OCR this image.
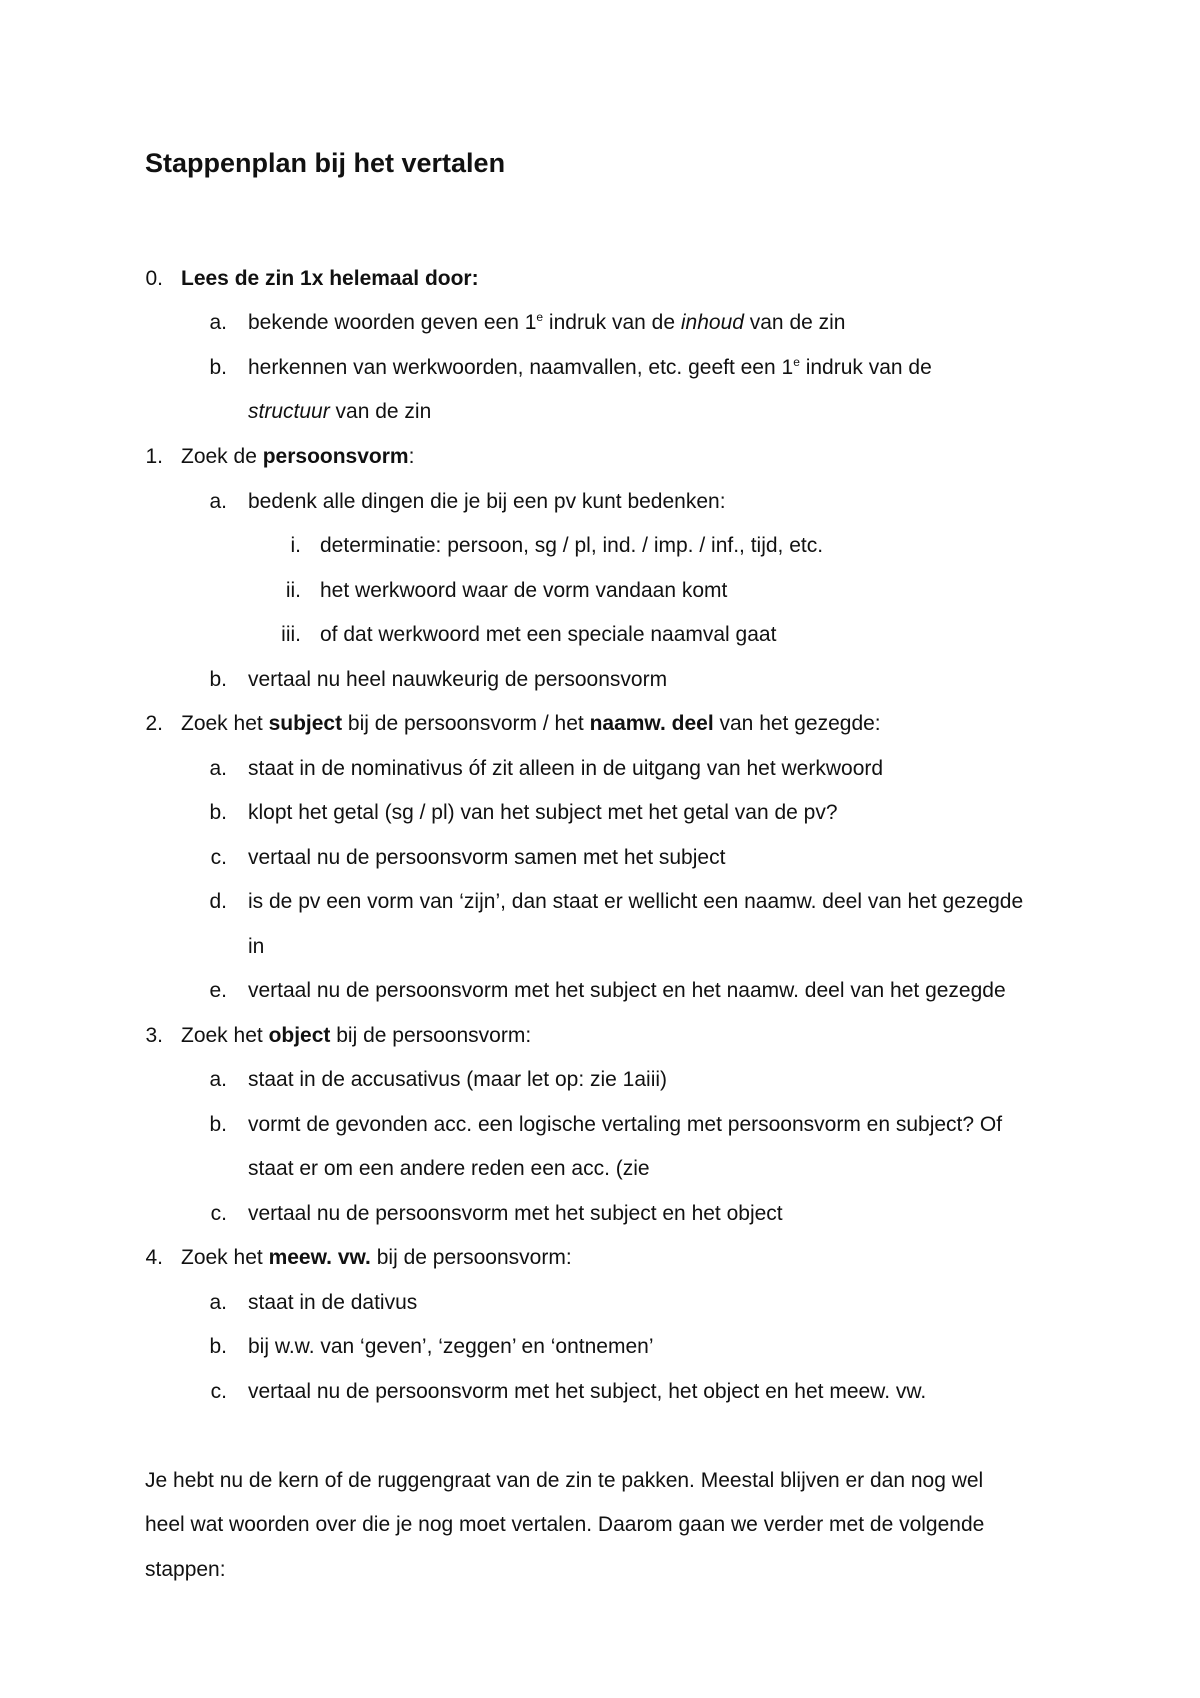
Stappenplan bij het vertalen
0. Lees de zin 1x helemaal door:
a. bekende woorden geven een 1e indruk van de inhoud van de zin
b. herkennen van werkwoorden, naamvallen, etc. geeft een 1e indruk van de
structuur van de zin
1. Zoek de persoonsvorm:
a. bedenk alle dingen die je bij een pv kunt bedenken:
i. determinatie: persoon, sg / pl, ind. / imp. / inf., tijd, etc.
ii. het werkwoord waar de vorm vandaan komt
iii. of dat werkwoord met een speciale naamval gaat
b. vertaal nu heel nauwkeurig de persoonsvorm
2. Zoek het subject bij de persoonsvorm / het naamw. deel van het gezegde:
a. staat in de nominativus óf zit alleen in de uitgang van het werkwoord
b. klopt het getal (sg / pl) van het subject met het getal van de pv?
c. vertaal nu de persoonsvorm samen met het subject
d. is de pv een vorm van ‘zijn’, dan staat er wellicht een naamw. deel van het gezegde
in
e. vertaal nu de persoonsvorm met het subject en het naamw. deel van het gezegde
3. Zoek het object bij de persoonsvorm:
a. staat in de accusativus (maar let op: zie 1aiii)
b. vormt de gevonden acc. een logische vertaling met persoonsvorm en subject? Of
staat er om een andere reden een acc. (zie
c. vertaal nu de persoonsvorm met het subject en het object
4. Zoek het meew. vw. bij de persoonsvorm:
a. staat in de dativus
b. bij w.w. van ‘geven’, ‘zeggen’ en ‘ontnemen’
c. vertaal nu de persoonsvorm met het subject, het object en het meew. vw.
Je hebt nu de kern of de ruggengraat van de zin te pakken. Meestal blijven er dan nog wel
heel wat woorden over die je nog moet vertalen. Daarom gaan we verder met de volgende
stappen:
